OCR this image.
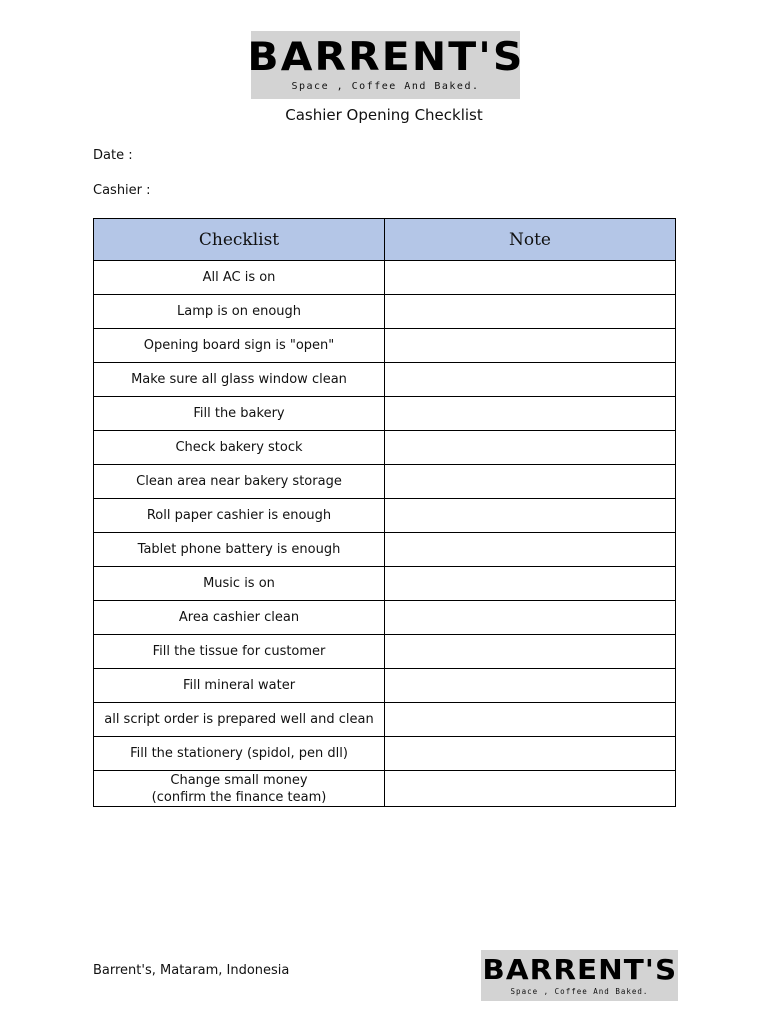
BARRENT'S
Space , Coffee And Baked.
Cashier Opening Checklist
Date :
Cashier :
Checklist	Note
All AC is on	
Lamp is on enough	
Opening board sign is "open"	
Make sure all glass window clean	
Fill the bakery	
Check bakery stock	
Clean area near bakery storage	
Roll paper cashier is enough	
Tablet phone battery is enough	
Music is on	
Area cashier clean	
Fill the tissue for customer	
Fill mineral water	
all script order is prepared well and clean	
Fill the stationery (spidol, pen dll)	

Change small money
(confirm the finance team)	

Barrent's, Mataram, Indonesia	BARRENT'S
Space , Coffee And Baked.
